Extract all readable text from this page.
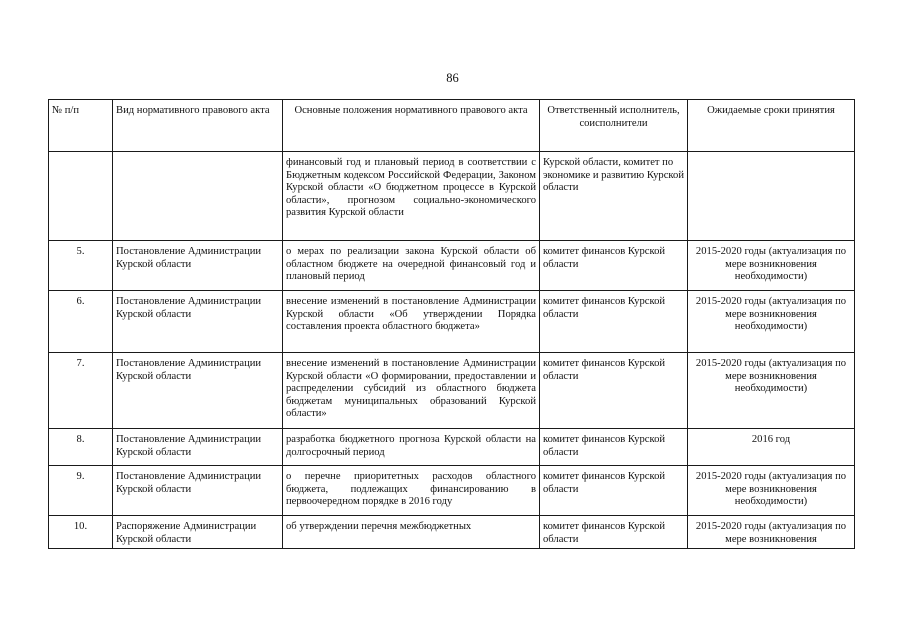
86
№ п/п	Вид нормативного правового акта	Основные положения нормативного правового акта	Ответственный исполнитель, соисполнители	Ожидаемые сроки принятия
		финансовый год и плановый период в соответствии с Бюджетным кодексом Российской Федерации, Законом Курской области «О бюджетном процессе в Курской области», прогнозом социально-экономического развития Курской области	Курской области, комитет по экономике и развитию Курской области	
5.	Постановление Администрации Курской области	о мерах по реализации закона Курской области об областном бюджете на очередной финансовый год и плановый период	комитет финансов Курской области	2015-2020 годы (актуализация по мере возникновения необходимости)
6.	Постановление Администрации Курской области	внесение изменений в постановление Администрации Курской области «Об утверждении Порядка составления проекта областного бюджета»	комитет финансов Курской области	2015-2020 годы (актуализация по мере возникновения необходимости)
7.	Постановление Администрации Курской области	внесение изменений в постановление Администрации Курской области «О формировании, предоставлении и распределении субсидий из областного бюджета бюджетам муниципальных образований Курской области»	комитет финансов Курской области	2015-2020 годы (актуализация по мере возникновения необходимости)
8.	Постановление Администрации Курской области	разработка бюджетного прогноза Курской области на долгосрочный период	комитет финансов Курской области	2016 год
9.	Постановление Администрации Курской области	о перечне приоритетных расходов областного бюджета, подлежащих финансированию в первоочередном порядке в 2016 году	комитет финансов Курской области	2015-2020 годы (актуализация по мере возникновения необходимости)
10.	Распоряжение Администрации Курской области	об утверждении перечня межбюджетных	комитет финансов Курской области	2015-2020 годы (актуализация по мере возникновения
